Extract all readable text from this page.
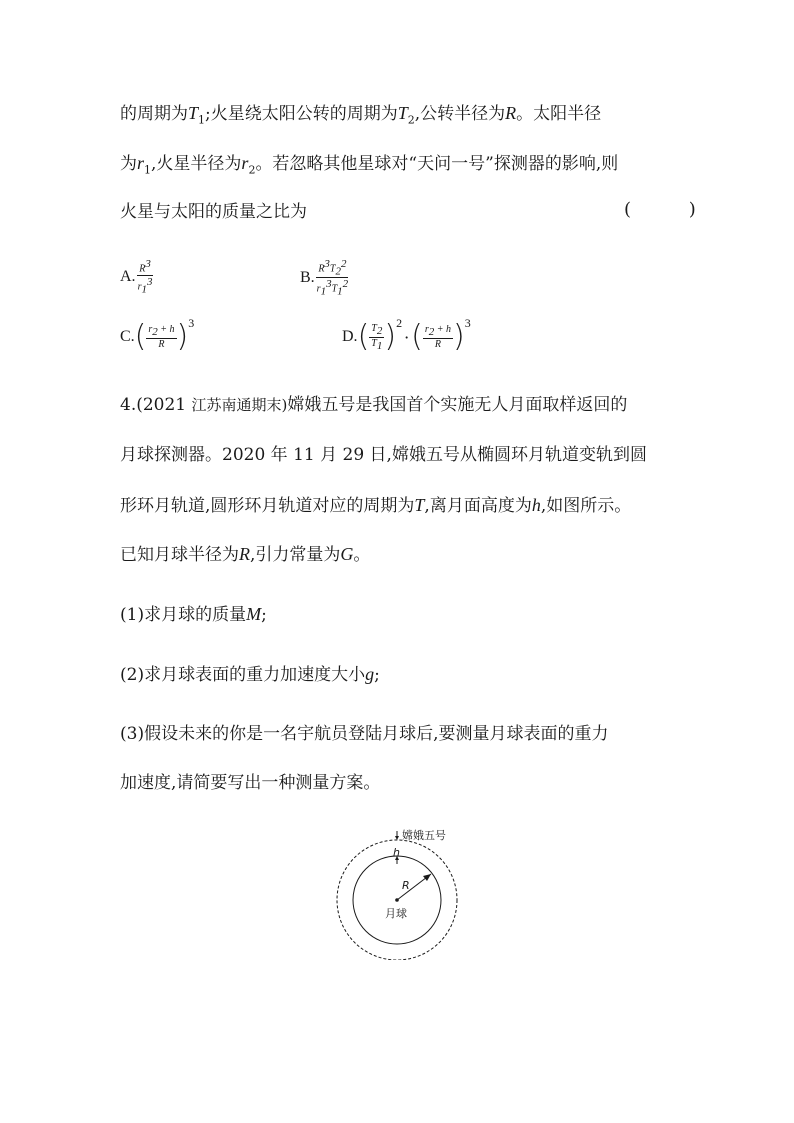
的周期为$T_1$;火星绕太阳公转的周期为$T_2$,公转半径为R。太阳半径
为$r_1$,火星半径为$r_2$。若忽略其他星球对“天问一号”探测器的影响,则
火星与太阳的质量之比为	( )
A. $\frac{R^3}{r_1^3}$	B. $\frac{R^3T_2^2}{r_1^3T_1^2}$
C. ( $\frac{r_2 + h}{R}$ ) 3
D. ( $\frac{T_2}{T_1}$ ) 2
· ( $\frac{r_2 + h}{R}$ ) 3
4.(2021 江苏南通期末)嫦娥五号是我国首个实施无人月面取样返回的
月球探测器。2020 年 11 月 29 日,嫦娥五号从椭圆环月轨道变轨到圆
形环月轨道,圆形环月轨道对应的周期为T,离月面高度为h,如图所示。
已知月球半径为R,引力常量为G。
(1)求月球的质量M;
(2)求月球表面的重力加速度大小g;
(3)假设未来的你是一名宇航员登陆月球后,要测量月球表面的重力
加速度,请简要写出一种测量方案。
嫦娥五号
h
R
月球
